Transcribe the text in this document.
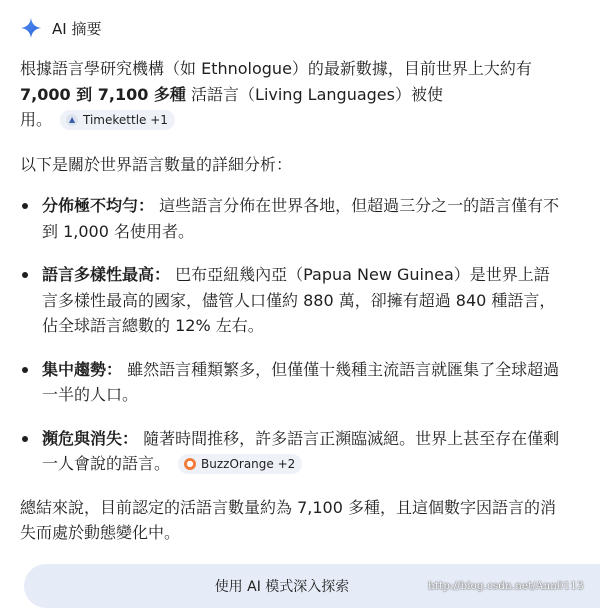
AI 摘要

根據語言學研究機構（如 Ethnologue）的最新數據，目前世界上大約有7,000 到 7,100 多種 活語言（Living Languages）被使
用。	▲ Timekettle +1

以下是關於世界語言數量的詳細分析：

分佈極不均勻： 這些語言分佈在世界各地，但超過三分之一的語言僅有不到 1,000 名使用者。
語言多樣性最高： 巴布亞紐幾內亞（Papua New Guinea）是世界上語言多樣性最高的國家，儘管人口僅約 880 萬，卻擁有超過 840 種語言，佔全球語言總數的 12% 左右。
集中趨勢： 雖然語言種類繁多，但僅僅十幾種主流語言就匯集了全球超過一半的人口。
瀕危與消失： 隨著時間推移，許多語言正瀕臨滅絕。世界上甚至存在僅剩一人會說的語言。	● BuzzOrange +2

總結來說，目前認定的活語言數量約為 7,100 多種，且這個數字因語言的消失而處於動態變化中。

使用 AI 模式深入探索	http://blog.csdn.net/Ann0113
